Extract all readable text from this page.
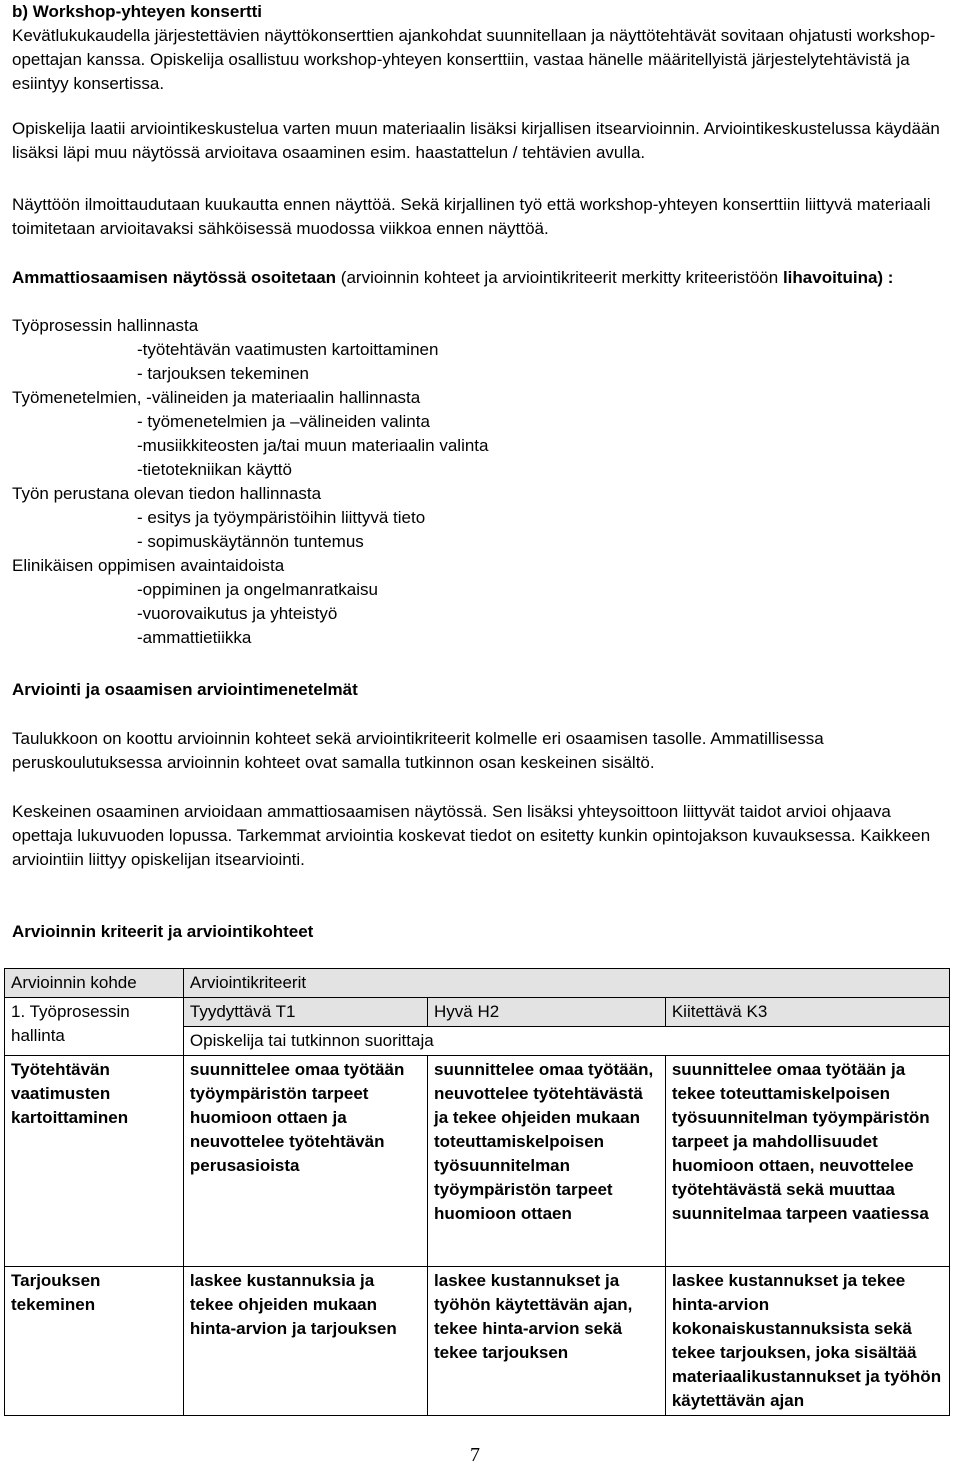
b) Workshop-yhteyen konsertti

Kevätlukukaudella järjestettävien näyttökonserttien ajankohdat suunnitellaan ja näyttötehtävät sovitaan ohjatusti workshop-opettajan kanssa. Opiskelija osallistuu workshop-yhteyen konserttiin, vastaa hänelle määritellyistä järjestelytehtävistä ja esiintyy konsertissa.

Opiskelija laatii arviointikeskustelua varten muun materiaalin lisäksi kirjallisen itsearvioinnin. Arviointikeskustelussa käydään lisäksi läpi muu näytössä arvioitava osaaminen esim. haastattelun / tehtävien avulla.

Näyttöön ilmoittaudutaan kuukautta ennen näyttöä. Sekä kirjallinen työ että workshop-yhteyen konserttiin liittyvä materiaali toimitetaan arvioitavaksi sähköisessä muodossa viikkoa ennen näyttöä.

Ammattiosaamisen näytössä osoitetaan (arvioinnin kohteet ja arviointikriteerit merkitty kriteeristöön lihavoituina) :

Työprosessin hallinnasta

-työtehtävän vaatimusten kartoittaminen

- tarjouksen tekeminen

Työmenetelmien, -välineiden ja materiaalin hallinnasta

- työmenetelmien ja –välineiden valinta

-musiikkiteosten ja/tai muun materiaalin valinta

-tietotekniikan käyttö

Työn perustana olevan tiedon hallinnasta

- esitys ja työympäristöihin liittyvä tieto

- sopimuskäytännön tuntemus

Elinikäisen oppimisen avaintaidoista

-oppiminen ja ongelmanratkaisu

-vuorovaikutus ja yhteistyö

-ammattietiikka

Arviointi ja osaamisen arviointimenetelmät

Taulukkoon on koottu arvioinnin kohteet sekä arviointikriteerit kolmelle eri osaamisen tasolle. Ammatillisessa peruskoulutuksessa arvioinnin kohteet ovat samalla tutkinnon osan keskeinen sisältö.

Keskeinen osaaminen arvioidaan ammattiosaamisen näytössä. Sen lisäksi yhteysoittoon liittyvät taidot arvioi ohjaava opettaja lukuvuoden lopussa. Tarkemmat arviointia koskevat tiedot on esitetty kunkin opintojakson kuvauksessa. Kaikkeen arviointiin liittyy opiskelijan itsearviointi.

Arvioinnin kriteerit ja arviointikohteet

Arvioinnin kohde	Arviointikriteerit		
1. Työprosessin hallinta	Tyydyttävä T1	Hyvä H2	Kiitettävä K3
	Opiskelija tai tutkinnon suorittaja		
Työtehtävän vaatimusten kartoittaminen	suunnittelee omaa työtään työympäristön tarpeet huomioon ottaen ja neuvottelee työtehtävän perusasioista	suunnittelee omaa työtään, neuvottelee työtehtävästä ja tekee ohjeiden mukaan toteuttamiskelpoisen työsuunnitelman työympäristön tarpeet huomioon ottaen	suunnittelee omaa työtään ja tekee toteuttamiskelpoisen työsuunnitelman työympäristön tarpeet ja mahdollisuudet huomioon ottaen, neuvottelee työtehtävästä sekä muuttaa suunnitelmaa tarpeen vaatiessa
Tarjouksen tekeminen	laskee kustannuksia ja tekee ohjeiden mukaan hinta-arvion ja tarjouksen	laskee kustannukset ja työhön käytettävän ajan, tekee hinta-arvion sekä tekee tarjouksen	laskee kustannukset ja tekee hinta-arvion kokonaiskustannuksista sekä tekee tarjouksen, joka sisältää materiaalikustannukset ja työhön käytettävän ajan
7
